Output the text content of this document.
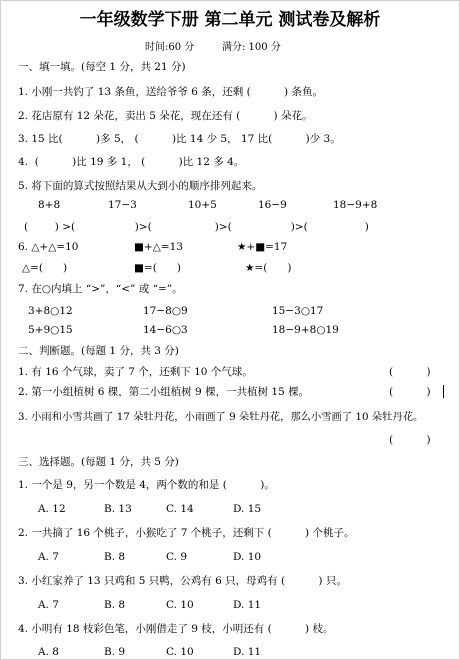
一年级数学下册 第二单元 测试卷及解析
时间:60 分	满分: 100 分
一、填一填。(每空 1 分，共 21 分)
1. 小刚一共钓了 13 条鱼，送给爷爷 6 条，还剩 (          ) 条鱼。
2. 花店原有 12 朵花，卖出 5 朵花，现在还有 (          ) 朵花。
3. 15 比(          )多 5， (          )比 14 少 5， 17 比(          )少 3。
4.  (          )比 19 多 1， (          )比 12 多 4。
5. 将下面的算式按照结果从大到小的顺序排列起来。
8+8	17−3	10+5	16−9	18−9+8
(        ) >(	)>(	)>(	)>(	)
6. △+△=10	■+△=13	★+■=17
△=(      )	■=(      )	★=(      )
7. 在○内填上 “>”，“<” 或 “=”。
3+8○12	17−8○9	15−3○17
5+9○15	14−6○3	18−9+8○19
二、判断题。(每题 1 分，共 3 分)
1. 有 16 个气球，卖了 7 个，还剩下 10 个气球。	(          )
2. 第一小组植树 6 棵，第二小组植树 9 棵，一共植树 15 棵。	(          )
3. 小雨和小雪共画了 17 朵牡丹花，小雨画了 9 朵牡丹花，那么小雪画了 10 朵牡丹花。
(          )
三、选择题。(每题 1 分，共 5 分)
1. 一个是 9，另一个数是 4，两个数的和是 (          )。
A. 12	B. 13	C. 14	D. 15
2. 一共摘了 16 个桃子，小猴吃了 7 个桃子，还剩下 (          ) 个桃子。
A. 7	B. 8	C. 9	D. 10
3. 小红家养了 13 只鸡和 5 只鸭，公鸡有 6 只，母鸡有 (          ) 只。
A. 7	B. 8	C. 10	D. 11
4. 小明有 18 枝彩色笔，小刚借走了 9 枝，小明还有 (          ) 枝。
A. 8	B. 9	C. 10	D. 11
